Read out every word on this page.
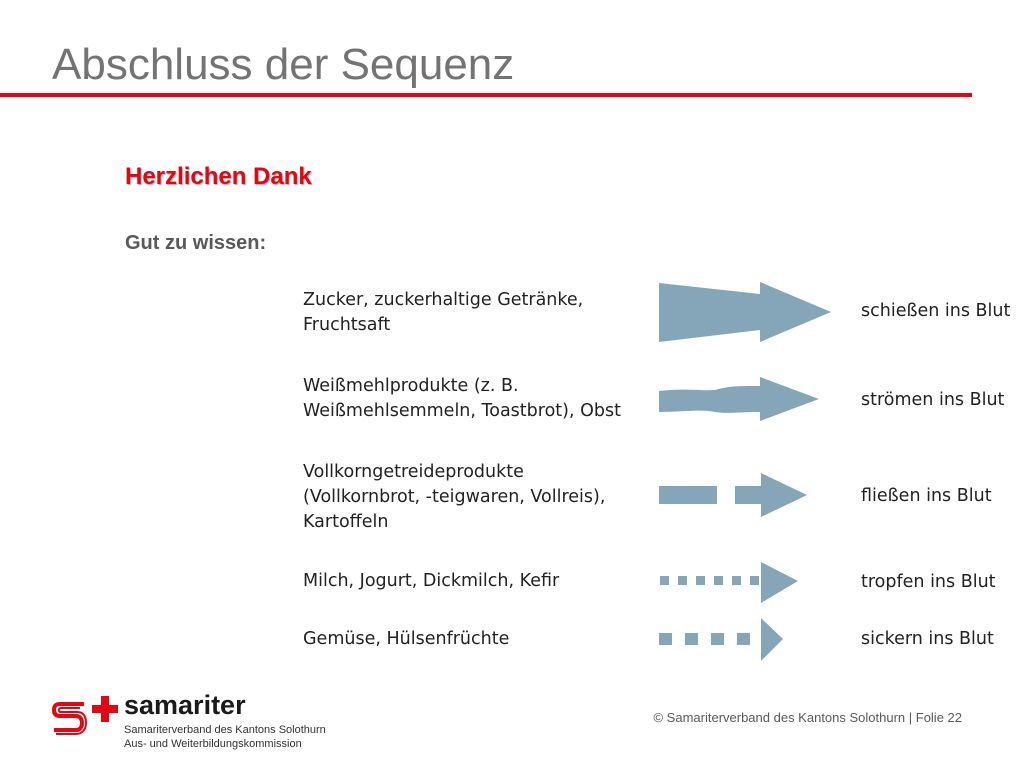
Abschluss der Sequenz
Herzlichen Dank
Gut zu wissen:

Zucker, zuckerhaltige Getränke,
Fruchtsaft

schießen ins Blut

Weißmehlprodukte (z. B.
Weißmehlsemmeln, Toastbrot), Obst

strömen ins Blut

Vollkorngetreideprodukte
(Vollkornbrot, -teigwaren, Vollreis),
Kartoffeln

fließen ins Blut

Milch, Jogurt, Dickmilch, Kefir	tropfen ins Blut

Gemüse, Hülsenfrüchte	sickern ins Blut
samariter
Samariterverband des Kantons Solothurn
Aus- und Weiterbildungskommission
© Samariterverband des Kantons Solothurn | Folie 22
